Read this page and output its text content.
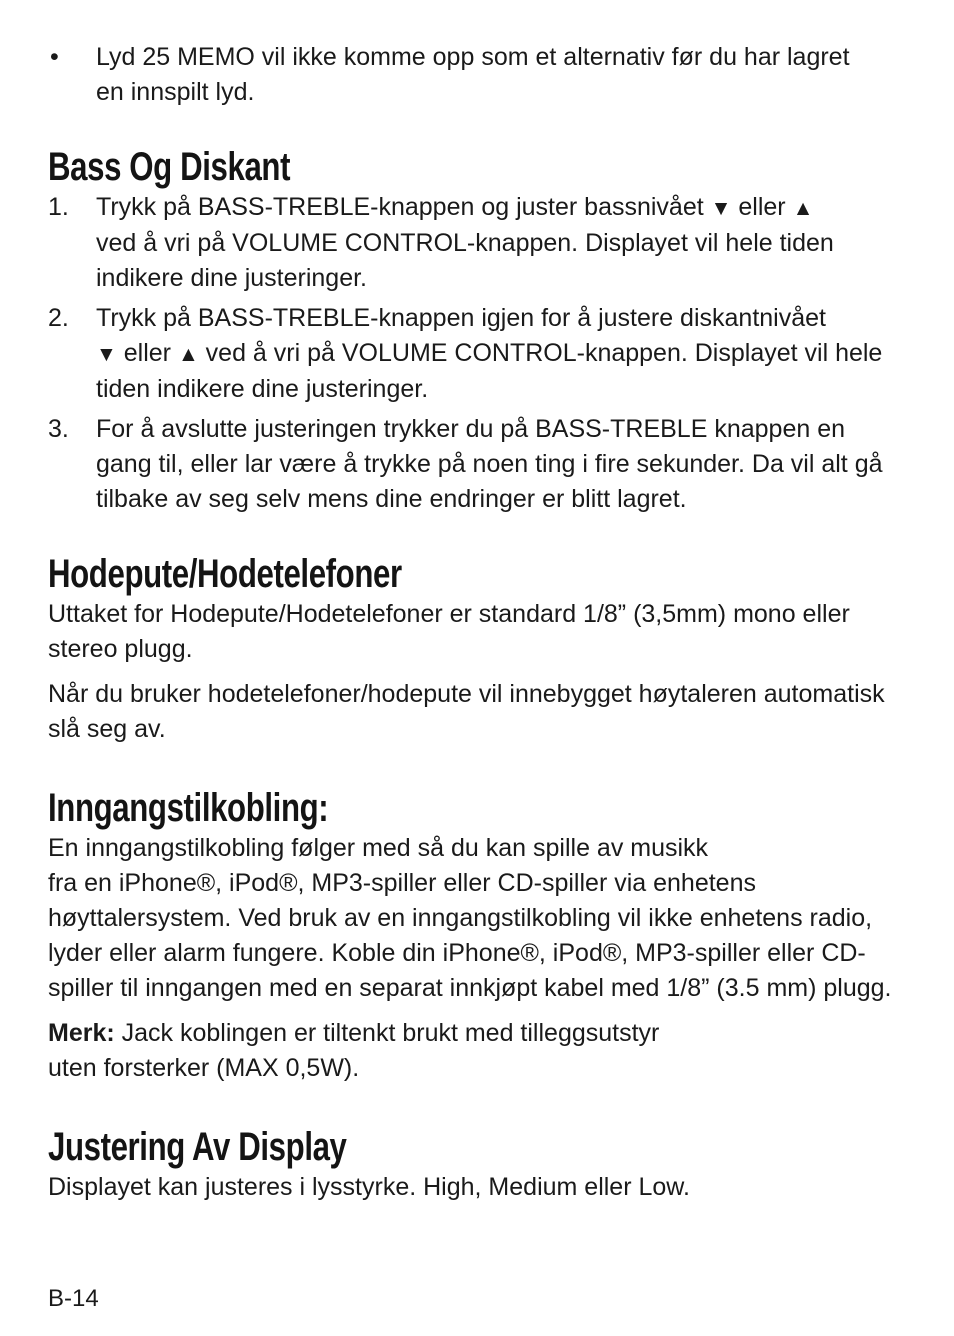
•	Lyd 25 MEMO vil ikke komme opp som et alternativ før du har lagret en innspilt lyd.
Bass Og Diskant
1.	Trykk på BASS-TREBLE-knappen og juster bassnivået ▼ eller ▲
ved å vri på VOLUME CONTROL-knappen. Displayet vil hele tiden indikere dine justeringer.
2.	Trykk på BASS-TREBLE-knappen igjen for å justere diskantnivået
▼ eller ▲ ved å vri på VOLUME CONTROL-knappen. Displayet vil hele tiden indikere dine justeringer.
3.	For å avslutte justeringen trykker du på BASS-TREBLE knappen en gang til, eller lar være å trykke på noen ting i fire sekunder. Da vil alt gå tilbake av seg selv mens dine endringer er blitt lagret.
Hodepute/Hodetelefoner

Uttaket for Hodepute/Hodetelefoner er standard 1/8” (3,5mm) mono eller stereo plugg.

Når du bruker hodetelefoner/hodepute vil innebygget høytaleren automatisk slå seg av.

Inngangstilkobling:

En inngangstilkobling følger med så du kan spille av musikk
fra en iPhone®, iPod®, MP3-spiller eller CD-spiller via enhetens høyttalersystem. Ved bruk av en inngangstilkobling vil ikke enhetens radio, lyder eller alarm fungere. Koble din iPhone®, iPod®, MP3-spiller eller CD-spiller til inngangen med en separat innkjøpt kabel med 1/8” (3.5 mm) plugg.

Merk: Jack koblingen er tiltenkt brukt med tilleggsutstyr
uten forsterker (MAX 0,5W).

Justering Av Display

Displayet kan justeres i lysstyrke. High, Medium eller Low.

B-14
